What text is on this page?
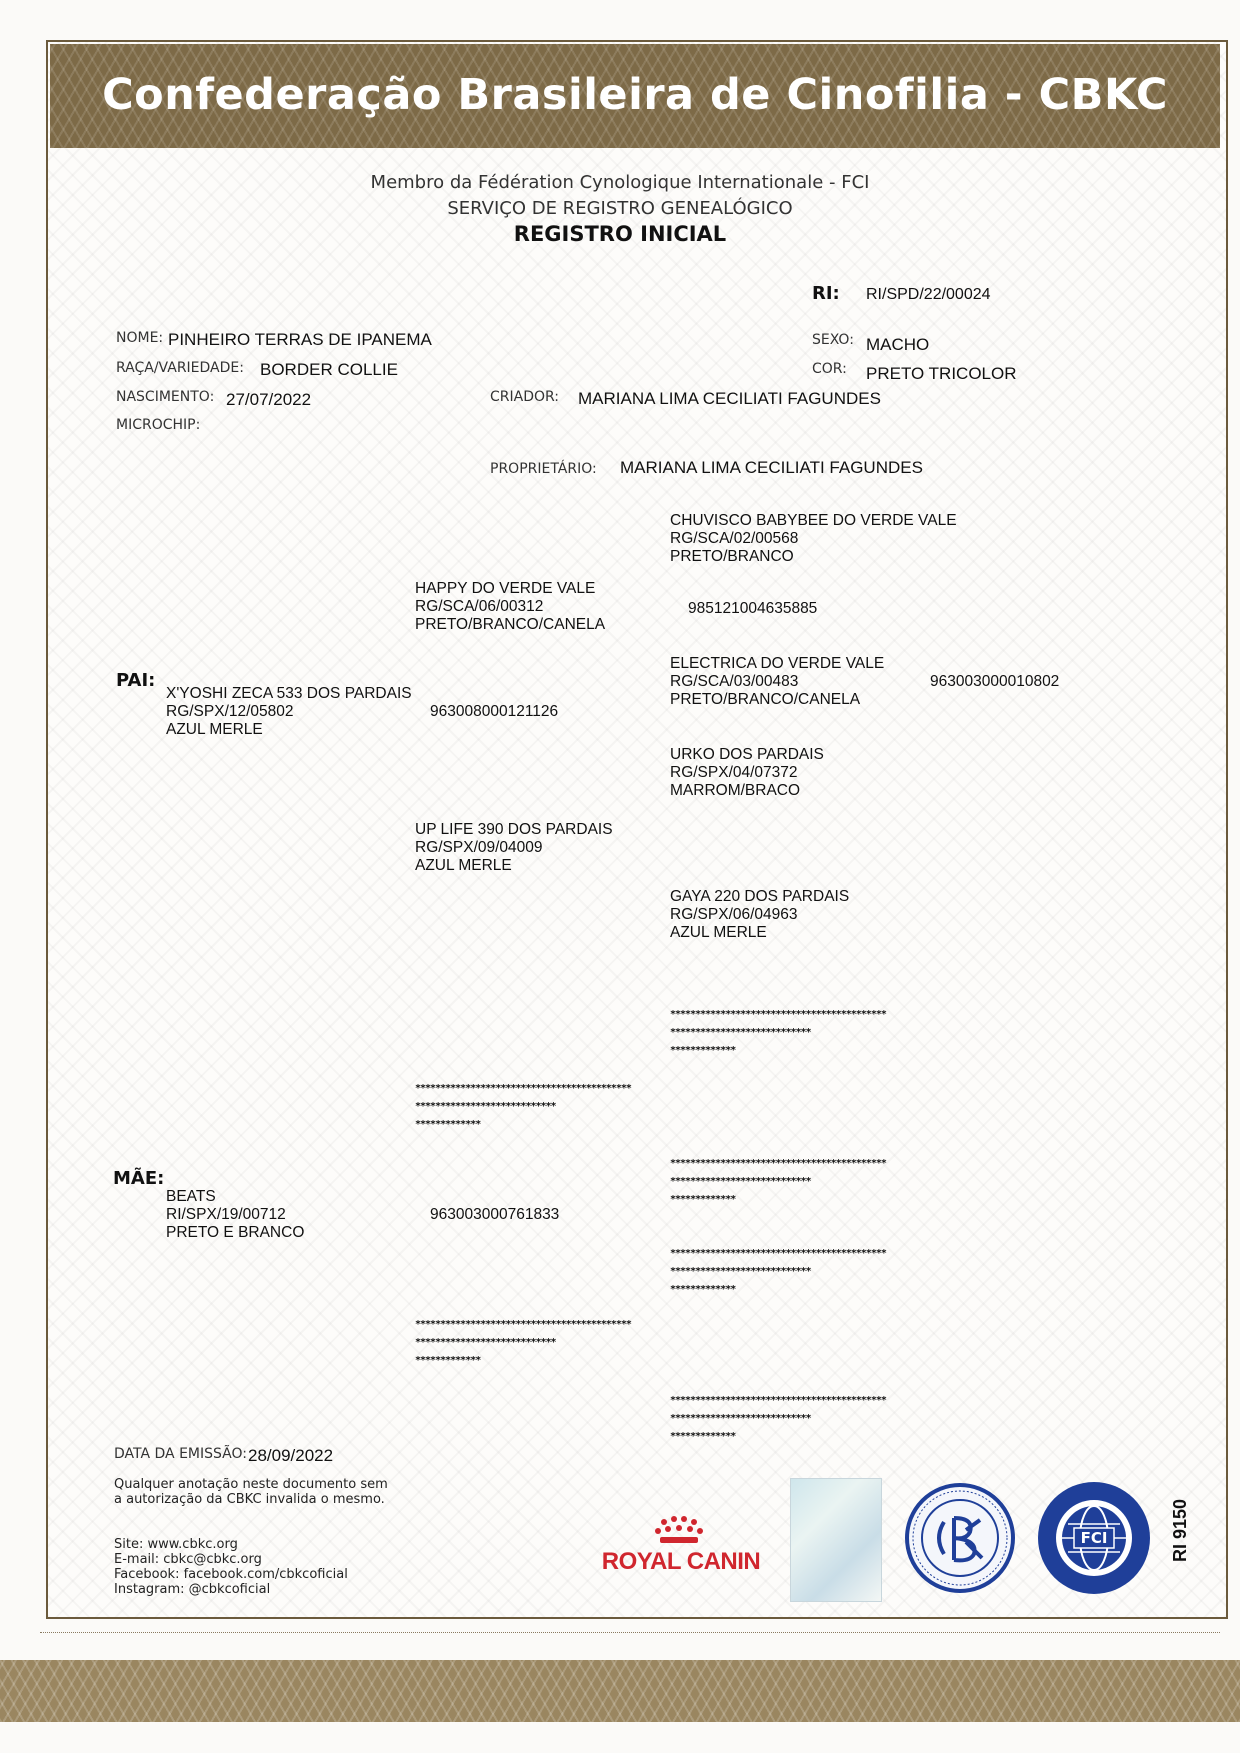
Confederação Brasileira de Cinofilia - CBKC
Membro da Fédération Cynologique Internationale - FCI
SERVIÇO DE REGISTRO GENEALÓGICO
REGISTRO INICIAL
RI: RI/SPD/22/00024
NOME: PINHEIRO TERRAS DE IPANEMA
RAÇA/VARIEDADE: BORDER COLLIE
NASCIMENTO: 27/07/2022
MICROCHIP:
SEXO: MACHO
COR: PRETO TRICOLOR
CRIADOR: MARIANA LIMA CECILIATI FAGUNDES
PROPRIETÁRIO: MARIANA LIMA CECILIATI FAGUNDES
CHUVISCO BABYBEE DO VERDE VALE
RG/SCA/02/00568
PRETO/BRANCO
HAPPY DO VERDE VALE
RG/SCA/06/00312
PRETO/BRANCO/CANELA
985121004635885
ELECTRICA DO VERDE VALE
RG/SCA/03/00483
PRETO/BRANCO/CANELA
963003000010802
PAI:
X'YOSHI ZECA 533 DOS PARDAIS
RG/SPX/12/05802
AZUL MERLE
963008000121126
URKO DOS PARDAIS
RG/SPX/04/07372
MARROM/BRACO
UP LIFE 390 DOS PARDAIS
RG/SPX/09/04009
AZUL MERLE
GAYA 220 DOS PARDAIS
RG/SPX/06/04963
AZUL MERLE
*******************************************
****************************
*************
*******************************************
****************************
*************
*******************************************
****************************
*************
MÃE:
BEATS
RI/SPX/19/00712
PRETO E BRANCO
963003000761833
*******************************************
****************************
*************
*******************************************
****************************
*************
*******************************************
****************************
*************
DATA DA EMISSÃO: 28/09/2022
Qualquer anotação neste documento sem
a autorização da CBKC invalida o mesmo.
Site: www.cbkc.org
E-mail: cbkc@cbkc.org
Facebook: facebook.com/cbkcoficial
Instagram: @cbkcoficial
ROYAL CANIN
FCI	RI 9150
